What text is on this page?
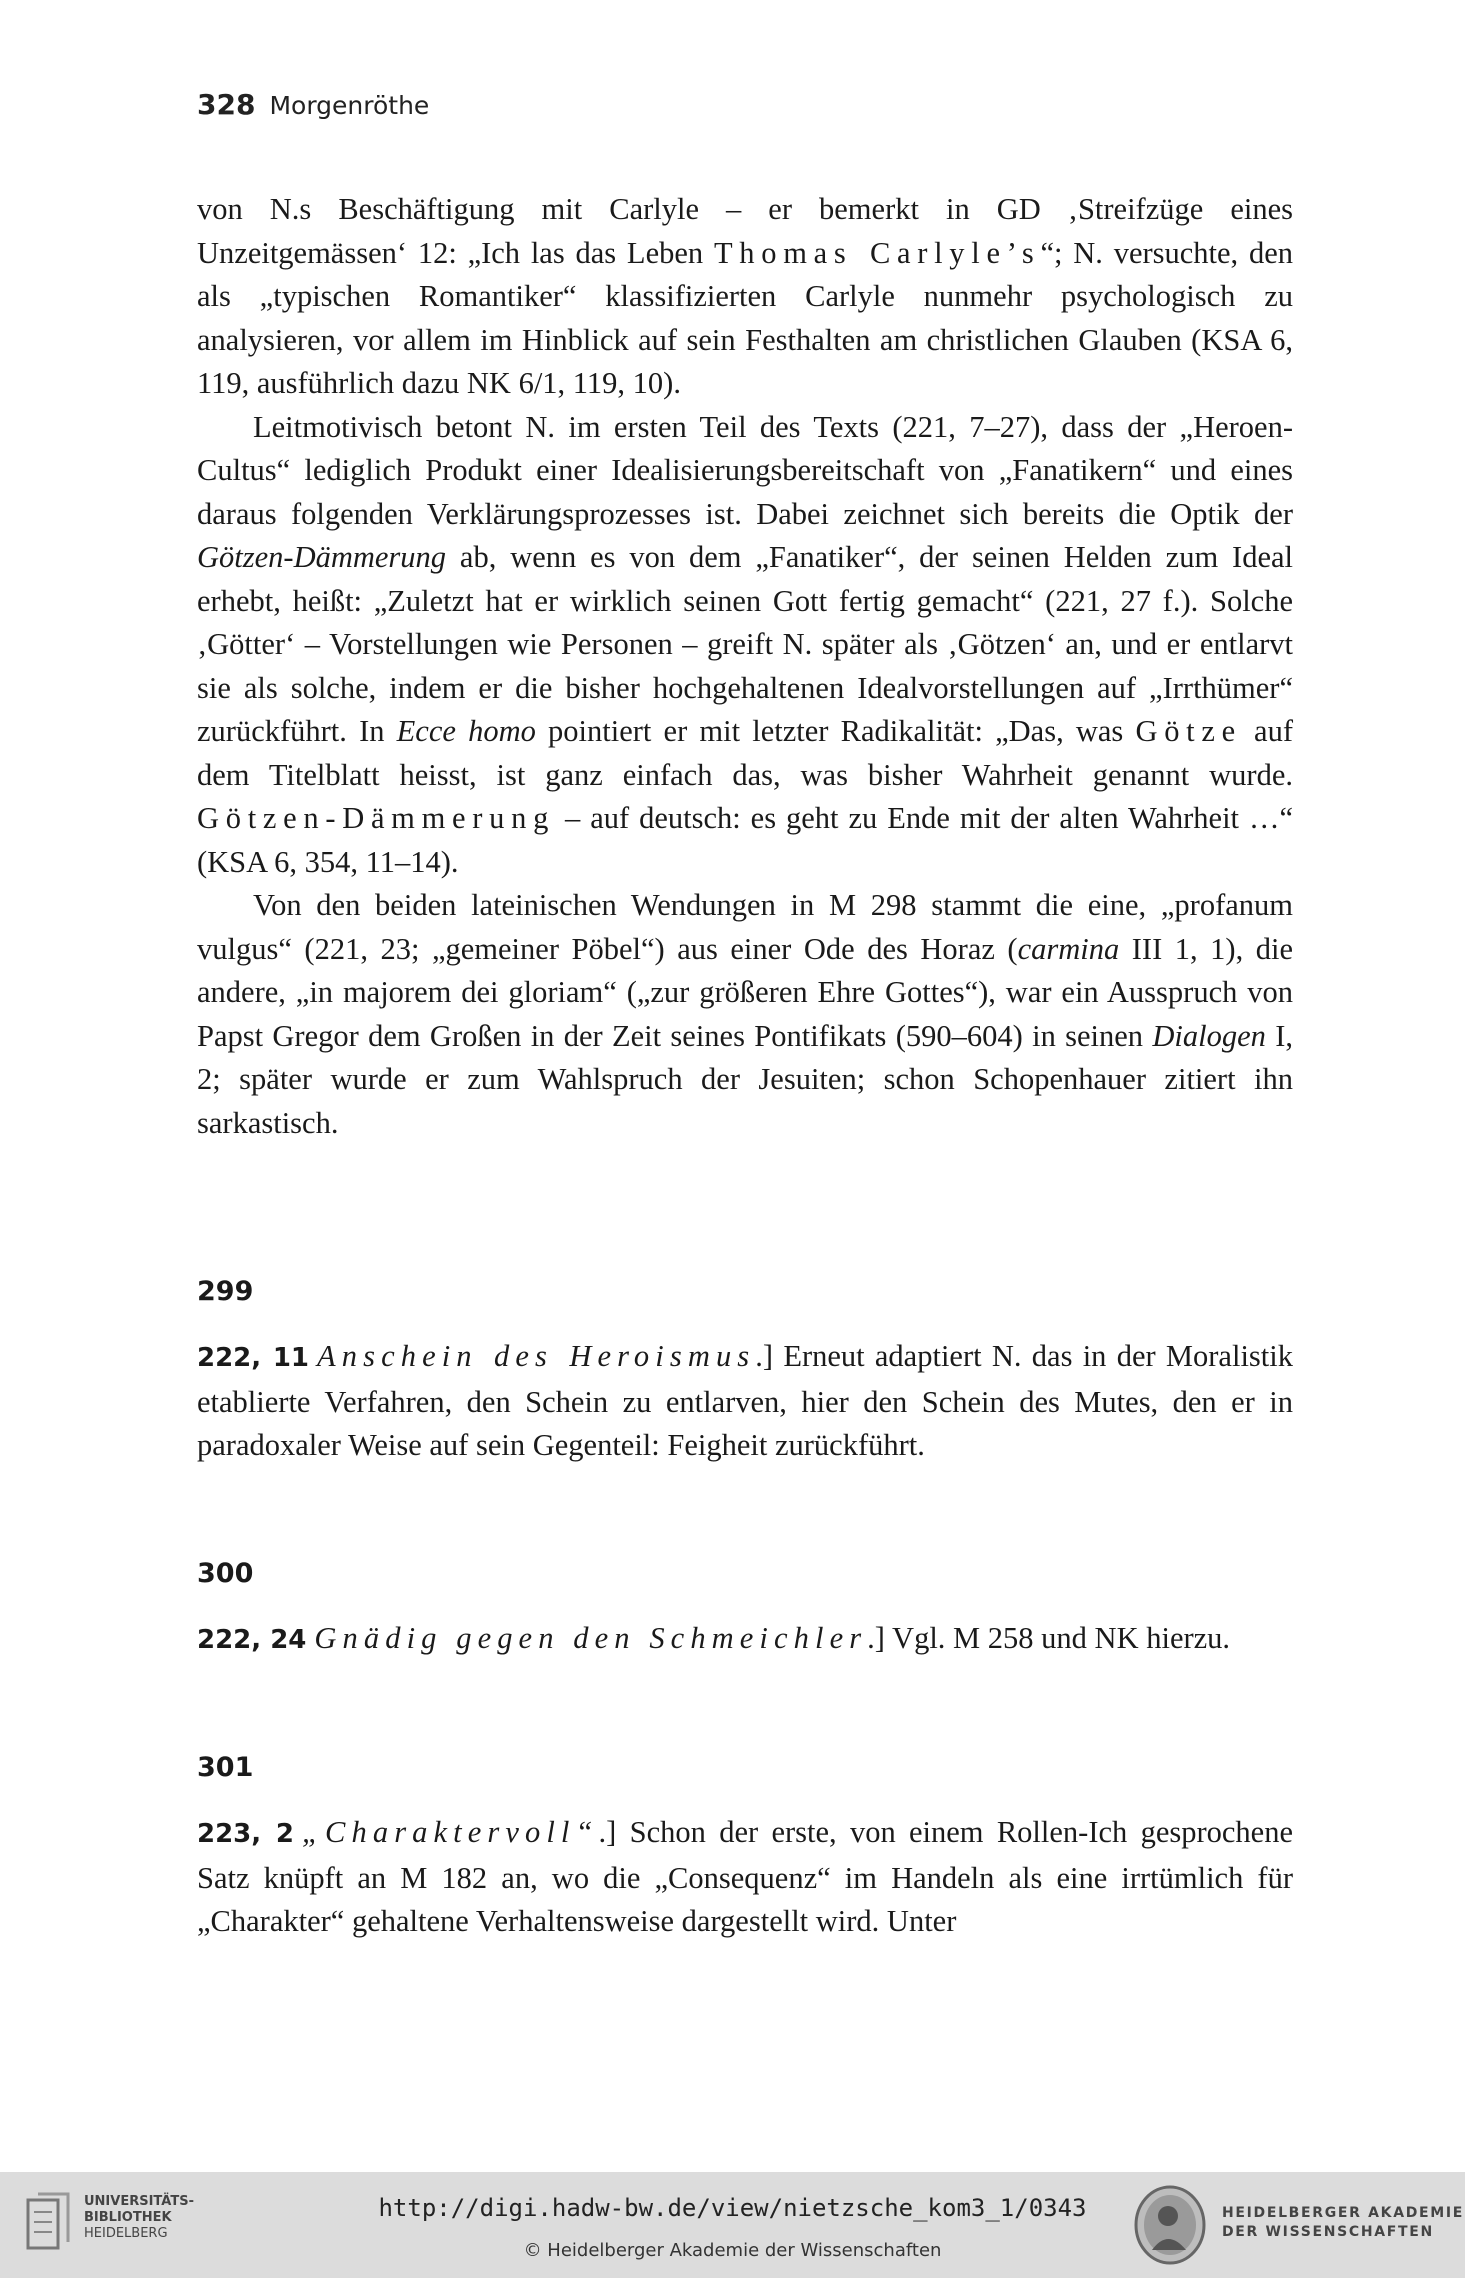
328 Morgenröthe

von N.s Beschäftigung mit Carlyle – er bemerkt in GD ‚Streifzüge eines Unzeitgemässen‘ 12: „Ich las das Leben Thomas Carlyle’s“; N. versuchte, den als „typischen Romantiker“ klassifizierten Carlyle nunmehr psychologisch zu analysieren, vor allem im Hinblick auf sein Festhalten am christlichen Glauben (KSA 6, 119, ausführlich dazu NK 6/1, 119, 10).

Leitmotivisch betont N. im ersten Teil des Texts (221, 7–27), dass der „Heroen-Cultus“ lediglich Produkt einer Idealisierungsbereitschaft von „Fanatikern“ und eines daraus folgenden Verklärungsprozesses ist. Dabei zeichnet sich bereits die Optik der Götzen-Dämmerung ab, wenn es von dem „Fanatiker“, der seinen Helden zum Ideal erhebt, heißt: „Zuletzt hat er wirklich seinen Gott fertig gemacht“ (221, 27 f.). Solche ‚Götter‘ – Vorstellungen wie Personen – greift N. später als ‚Götzen‘ an, und er entlarvt sie als solche, indem er die bisher hochgehaltenen Idealvorstellungen auf „Irrthümer“ zurückführt. In Ecce homo pointiert er mit letzter Radikalität: „Das, was Götze auf dem Titelblatt heisst, ist ganz einfach das, was bisher Wahrheit genannt wurde. Götzen-Dämmerung – auf deutsch: es geht zu Ende mit der alten Wahrheit …“ (KSA 6, 354, 11–14).

Von den beiden lateinischen Wendungen in M 298 stammt die eine, „profanum vulgus“ (221, 23; „gemeiner Pöbel“) aus einer Ode des Horaz (carmina III 1, 1), die andere, „in majorem dei gloriam“ („zur größeren Ehre Gottes“), war ein Ausspruch von Papst Gregor dem Großen in der Zeit seines Pontifikats (590–604) in seinen Dialogen I, 2; später wurde er zum Wahlspruch der Jesuiten; schon Schopenhauer zitiert ihn sarkastisch.

299
222, 11 Anschein des Heroismus.] Erneut adaptiert N. das in der Moralistik etablierte Verfahren, den Schein zu entlarven, hier den Schein des Mutes, den er in paradoxaler Weise auf sein Gegenteil: Feigheit zurückführt.
300
222, 24 Gnädig gegen den Schmeichler.] Vgl. M 258 und NK hierzu.
301
223, 2 „Charaktervoll“.] Schon der erste, von einem Rollen-Ich gesprochene Satz knüpft an M 182 an, wo die „Consequenz“ im Handeln als eine irrtümlich für „Charakter“ gehaltene Verhaltensweise dargestellt wird. Unter
UNIVERSITÄTS-
BIBLIOTHEK
HEIDELBERG
http://digi.hadw-bw.de/view/nietzsche_kom3_1/0343
© Heidelberger Akademie der Wissenschaften
HEIDELBERGER AKADEMIE
DER WISSENSCHAFTEN
